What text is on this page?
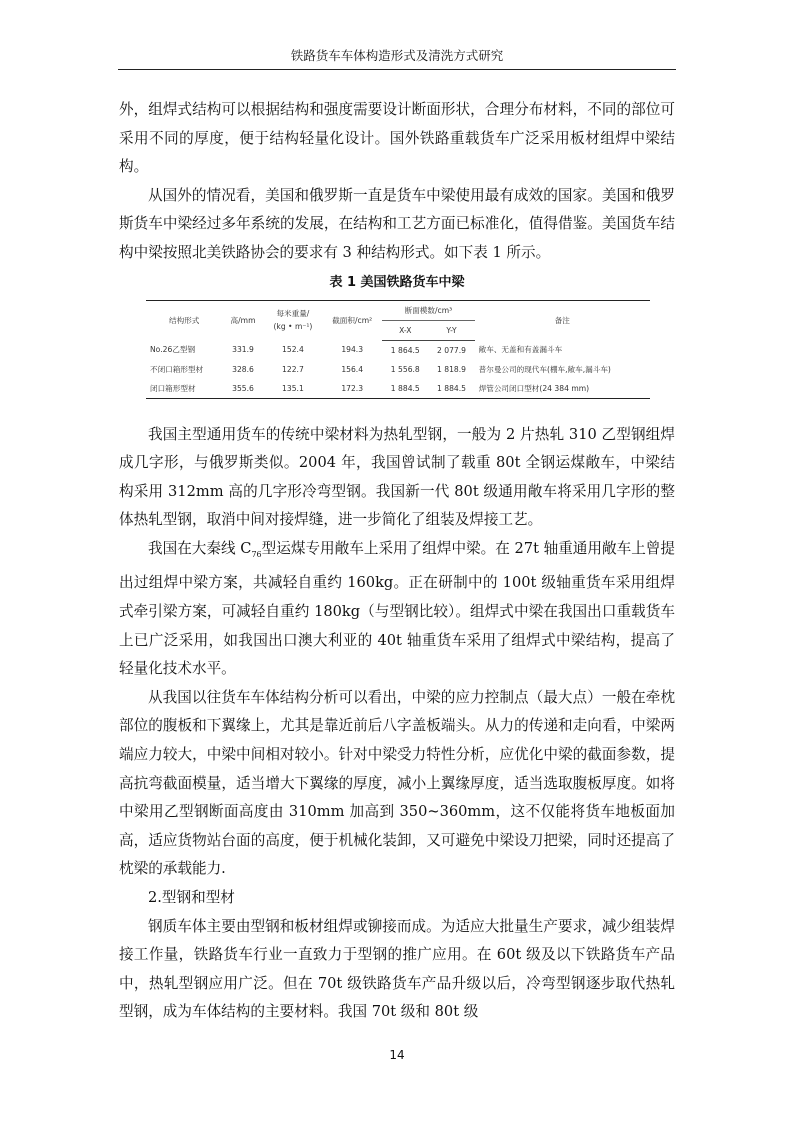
铁路货车车体构造形式及清洗方式研究

外，组焊式结构可以根据结构和强度需要设计断面形状，合理分布材料，不同的部位可采用不同的厚度，便于结构轻量化设计。国外铁路重载货车广泛采用板材组焊中梁结构。

从国外的情况看，美国和俄罗斯一直是货车中梁使用最有成效的国家。美国和俄罗斯货车中梁经过多年系统的发展，在结构和工艺方面已标准化，值得借鉴。美国货车结构中梁按照北美铁路协会的要求有 3 种结构形式。如下表 1 所示。

表 1 美国铁路货车中梁
结构形式	高/mm	每米重量/
(kg • m⁻¹)	截面积/cm²	断面模数/cm³		备注
				X-X	Y-Y	
No.26乙型钢	331.9	152.4	194.3	1 864.5	2 077.9	敞车、无盖和有盖漏斗车
不闭口箱形型材	328.6	122.7	156.4	1 556.8	1 818.9	普尔曼公司的现代车(棚车,敞车,漏斗车)
闭口箱形型材	355.6	135.1	172.3	1 884.5	1 884.5	焊管公司闭口型材(24 384 mm)

我国主型通用货车的传统中梁材料为热轧型钢，一般为 2 片热轧 310 乙型钢组焊成几字形，与俄罗斯类似。2004 年，我国曾试制了载重 80t 全钢运煤敞车，中梁结构采用 312mm 高的几字形冷弯型钢。我国新一代 80t 级通用敞车将采用几字形的整体热轧型钢，取消中间对接焊缝，进一步简化了组装及焊接工艺。

我国在大秦线 $C_{76}$型运煤专用敞车上采用了组焊中梁。在 27t 轴重通用敞车上曾提出过组焊中梁方案，共减轻自重约 160kg。正在研制中的 100t 级轴重货车采用组焊式牵引梁方案，可减轻自重约 180kg（与型钢比较）。组焊式中梁在我国出口重载货车上已广泛采用，如我国出口澳大利亚的 40t 轴重货车采用了组焊式中梁结构，提高了轻量化技术水平。

从我国以往货车车体结构分析可以看出，中梁的应力控制点（最大点）一般在牵枕部位的腹板和下翼缘上，尤其是靠近前后八字盖板端头。从力的传递和走向看，中梁两端应力较大，中梁中间相对较小。针对中梁受力特性分析，应优化中梁的截面参数，提高抗弯截面模量，适当增大下翼缘的厚度，减小上翼缘厚度，适当选取腹板厚度。如将中梁用乙型钢断面高度由 310mm 加高到 350~360mm，这不仅能将货车地板面加高，适应货物站台面的高度，便于机械化装卸，又可避免中梁设刀把梁，同时还提高了枕梁的承载能力.

2.型钢和型材

钢质车体主要由型钢和板材组焊或铆接而成。为适应大批量生产要求，减少组装焊接工作量，铁路货车行业一直致力于型钢的推广应用。在 60t 级及以下铁路货车产品中，热轧型钢应用广泛。但在 70t 级铁路货车产品升级以后，冷弯型钢逐步取代热轧型钢，成为车体结构的主要材料。我国 70t 级和 80t 级

14
